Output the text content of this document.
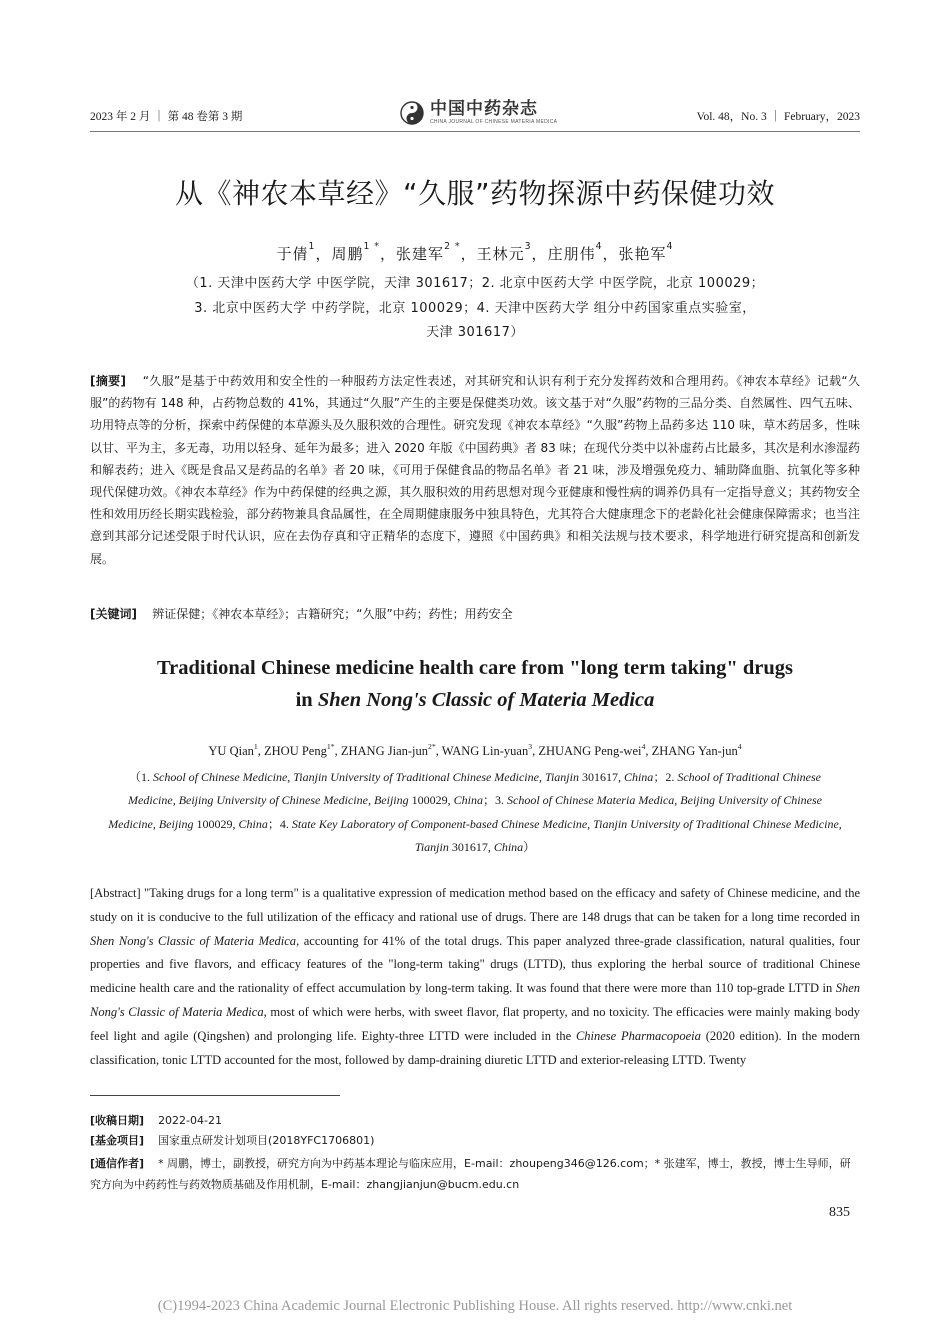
2023 年 2 月 ｜ 第 48 卷第 3 期	中国中药杂志
CHINA JOURNAL OF CHINESE MATERIA MEDICA	Vol. 48，No. 3 ｜ February，2023
从《神农本草经》“久服”药物探源中药保健功效
于倩$^1$，周鹏$^{1 *}$，张建军$^{2 *}$，王林元$^3$，庄朋伟$^4$，张艳军$^4$
（1. 天津中医药大学 中医学院，天津 301617；2. 北京中医药大学 中医学院，北京 100029；
3. 北京中医药大学 中药学院，北京 100029；4. 天津中医药大学 组分中药国家重点实验室，
天津 301617）
[摘要] “久服”是基于中药效用和安全性的一种服药方法定性表述，对其研究和认识有利于充分发挥药效和合理用药。《神农本草经》记载“久服”的药物有 148 种，占药物总数的 41%，其通过“久服”产生的主要是保健类功效。该文基于对“久服”药物的三品分类、自然属性、四气五味、功用特点等的分析，探索中药保健的本草源头及久服积效的合理性。研究发现《神农本草经》“久服”药物上品药多达 110 味，草木药居多，性味以甘、平为主，多无毒，功用以轻身、延年为最多；进入 2020 年版《中国药典》者 83 味；在现代分类中以补虚药占比最多，其次是利水渗湿药和解表药；进入《既是食品又是药品的名单》者 20 味，《可用于保健食品的物品名单》者 21 味，涉及增强免疫力、辅助降血脂、抗氧化等多种现代保健功效。《神农本草经》作为中药保健的经典之源，其久服积效的用药思想对现今亚健康和慢性病的调养仍具有一定指导意义；其药物安全性和效用历经长期实践检验，部分药物兼具食品属性，在全周期健康服务中独具特色，尤其符合大健康理念下的老龄化社会健康保障需求；也当注意到其部分记述受限于时代认识，应在去伪存真和守正精华的态度下，遵照《中国药典》和相关法规与技术要求，科学地进行研究提高和创新发展。
[关键词] 辨证保健；《神农本草经》；古籍研究；“久服”中药；药性；用药安全
Traditional Chinese medicine health care from "long term taking" drugs
in Shen Nong's Classic of Materia Medica
YU Qian$^1$, ZHOU Peng$^{1*}$, ZHANG Jian-jun$^{2*}$, WANG Lin-yuan$^3$, ZHUANG Peng-wei$^4$, ZHANG Yan-jun$^4$
（1. School of Chinese Medicine, Tianjin University of Traditional Chinese Medicine, Tianjin 301617, China；2. School of Traditional Chinese Medicine, Beijing University of Chinese Medicine, Beijing 100029, China；3. School of Chinese Materia Medica, Beijing University of Chinese Medicine, Beijing 100029, China；4. State Key Laboratory of Component-based Chinese Medicine, Tianjin University of Traditional Chinese Medicine, Tianjin 301617, China）
[Abstract] "Taking drugs for a long term" is a qualitative expression of medication method based on the efficacy and safety of Chinese medicine, and the study on it is conducive to the full utilization of the efficacy and rational use of drugs. There are 148 drugs that can be taken for a long time recorded in Shen Nong's Classic of Materia Medica, accounting for 41% of the total drugs. This paper analyzed three-grade classification, natural qualities, four properties and five flavors, and efficacy features of the "long-term taking" drugs (LTTD), thus exploring the herbal source of traditional Chinese medicine health care and the rationality of effect accumulation by long-term taking. It was found that there were more than 110 top-grade LTTD in Shen Nong's Classic of Materia Medica, most of which were herbs, with sweet flavor, flat property, and no toxicity. The efficacies were mainly making body feel light and agile (Qingshen) and prolonging life. Eighty-three LTTD were included in the Chinese Pharmacopoeia (2020 edition). In the modern classification, tonic LTTD accounted for the most, followed by damp-draining diuretic LTTD and exterior-releasing LTTD. Twenty
[收稿日期] 2022-04-21
[基金项目] 国家重点研发计划项目(2018YFC1706801)
[通信作者] * 周鹏，博士，副教授，研究方向为中药基本理论与临床应用，E-mail：zhoupeng346@126.com；* 张建军，博士，教授，博士生导师，研究方向为中药药性与药效物质基础及作用机制，E-mail：zhangjianjun@bucm.edu.cn
835
(C)1994-2023 China Academic Journal Electronic Publishing House. All rights reserved. http://www.cnki.net
